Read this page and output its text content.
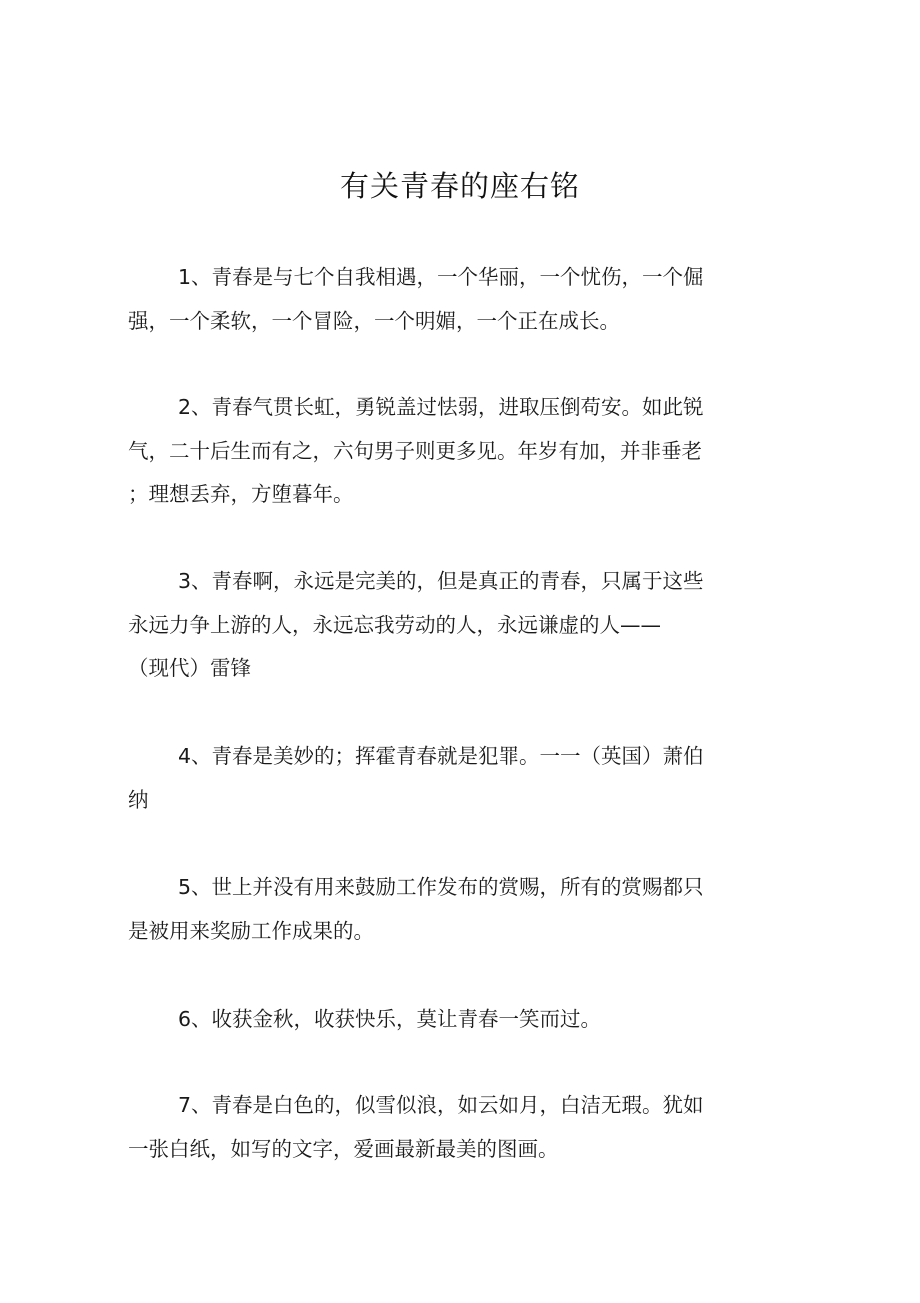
有关青春的座右铭
1、青春是与七个自我相遇，一个华丽，一个忧伤，一个倔
强，一个柔软，一个冒险，一个明媚，一个正在成长。
2、青春气贯长虹，勇锐盖过怯弱，进取压倒苟安。如此锐
气，二十后生而有之，六句男子则更多见。年岁有加，并非垂老
；理想丢弃，方堕暮年。
3、青春啊，永远是完美的，但是真正的青春，只属于这些
永远力争上游的人，永远忘我劳动的人，永远谦虚的人——
（现代）雷锋
4、青春是美妙的；挥霍青春就是犯罪。一一（英国）萧伯
纳
5、世上并没有用来鼓励工作发布的赏赐，所有的赏赐都只
是被用来奖励工作成果的。
6、收获金秋，收获快乐，莫让青春一笑而过。
7、青春是白色的，似雪似浪，如云如月，白洁无瑕。犹如
一张白纸，如写的文字，爱画最新最美的图画。
